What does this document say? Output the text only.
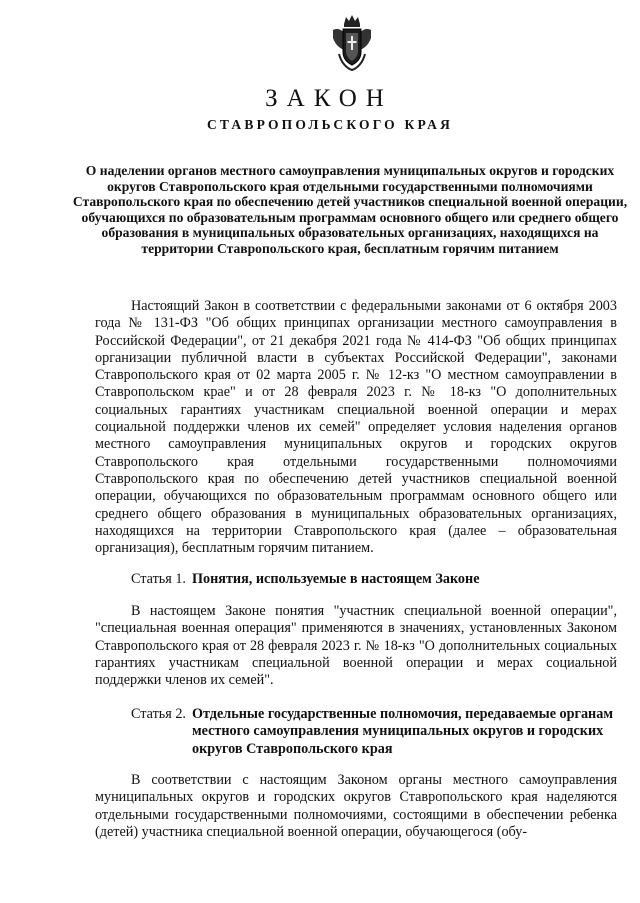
ЗАКОН
СТАВРОПОЛЬСКОГО КРАЯ
О наделении органов местного самоуправления муниципальных округов и городских округов Ставропольского края отдельными государственными полномочиями Ставропольского края по обеспечению детей участников специальной военной операции, обучающихся по образовательным программам основного общего или среднего общего образования в муниципальных образовательных организациях, находящихся на территории Ставропольского края, бесплатным горячим питанием
Настоящий Закон в соответствии с федеральными законами от 6 октября 2003 года № 131-ФЗ "Об общих принципах организации местного самоуправления в Российской Федерации", от 21 декабря 2021 года № 414-ФЗ "Об общих принципах организации публичной власти в субъектах Российской Федерации", законами Ставропольского края от 02 марта 2005 г. № 12-кз "О местном самоуправлении в Ставропольском крае" и от 28 февраля 2023 г. № 18-кз "О дополнительных социальных гарантиях участникам специальной военной операции и мерах социальной поддержки членов их семей" определяет условия наделения органов местного самоуправления муниципальных округов и городских округов Ставропольского края отдельными государственными полномочиями Ставропольского края по обеспечению детей участников специальной военной операции, обучающихся по образовательным программам основного общего или среднего общего образования в муниципальных образовательных организациях, находящихся на территории Ставропольского края (далее – образовательная организация), бесплатным горячим питанием.
Статья 1. Понятия, используемые в настоящем Законе
В настоящем Законе понятия "участник специальной военной операции", "специальная военная операция" применяются в значениях, установленных Законом Ставропольского края от 28 февраля 2023 г. № 18-кз "О дополнительных социальных гарантиях участникам специальной военной операции и мерах социальной поддержки членов их семей".
Статья 2. Отдельные государственные полномочия, передаваемые органам местного самоуправления муниципальных округов и городских округов Ставропольского края
В соответствии с настоящим Законом органы местного самоуправления муниципальных округов и городских округов Ставропольского края наделяются отдельными государственными полномочиями, состоящими в обеспечении ребенка (детей) участника специальной военной операции, обучающегося (обу-
